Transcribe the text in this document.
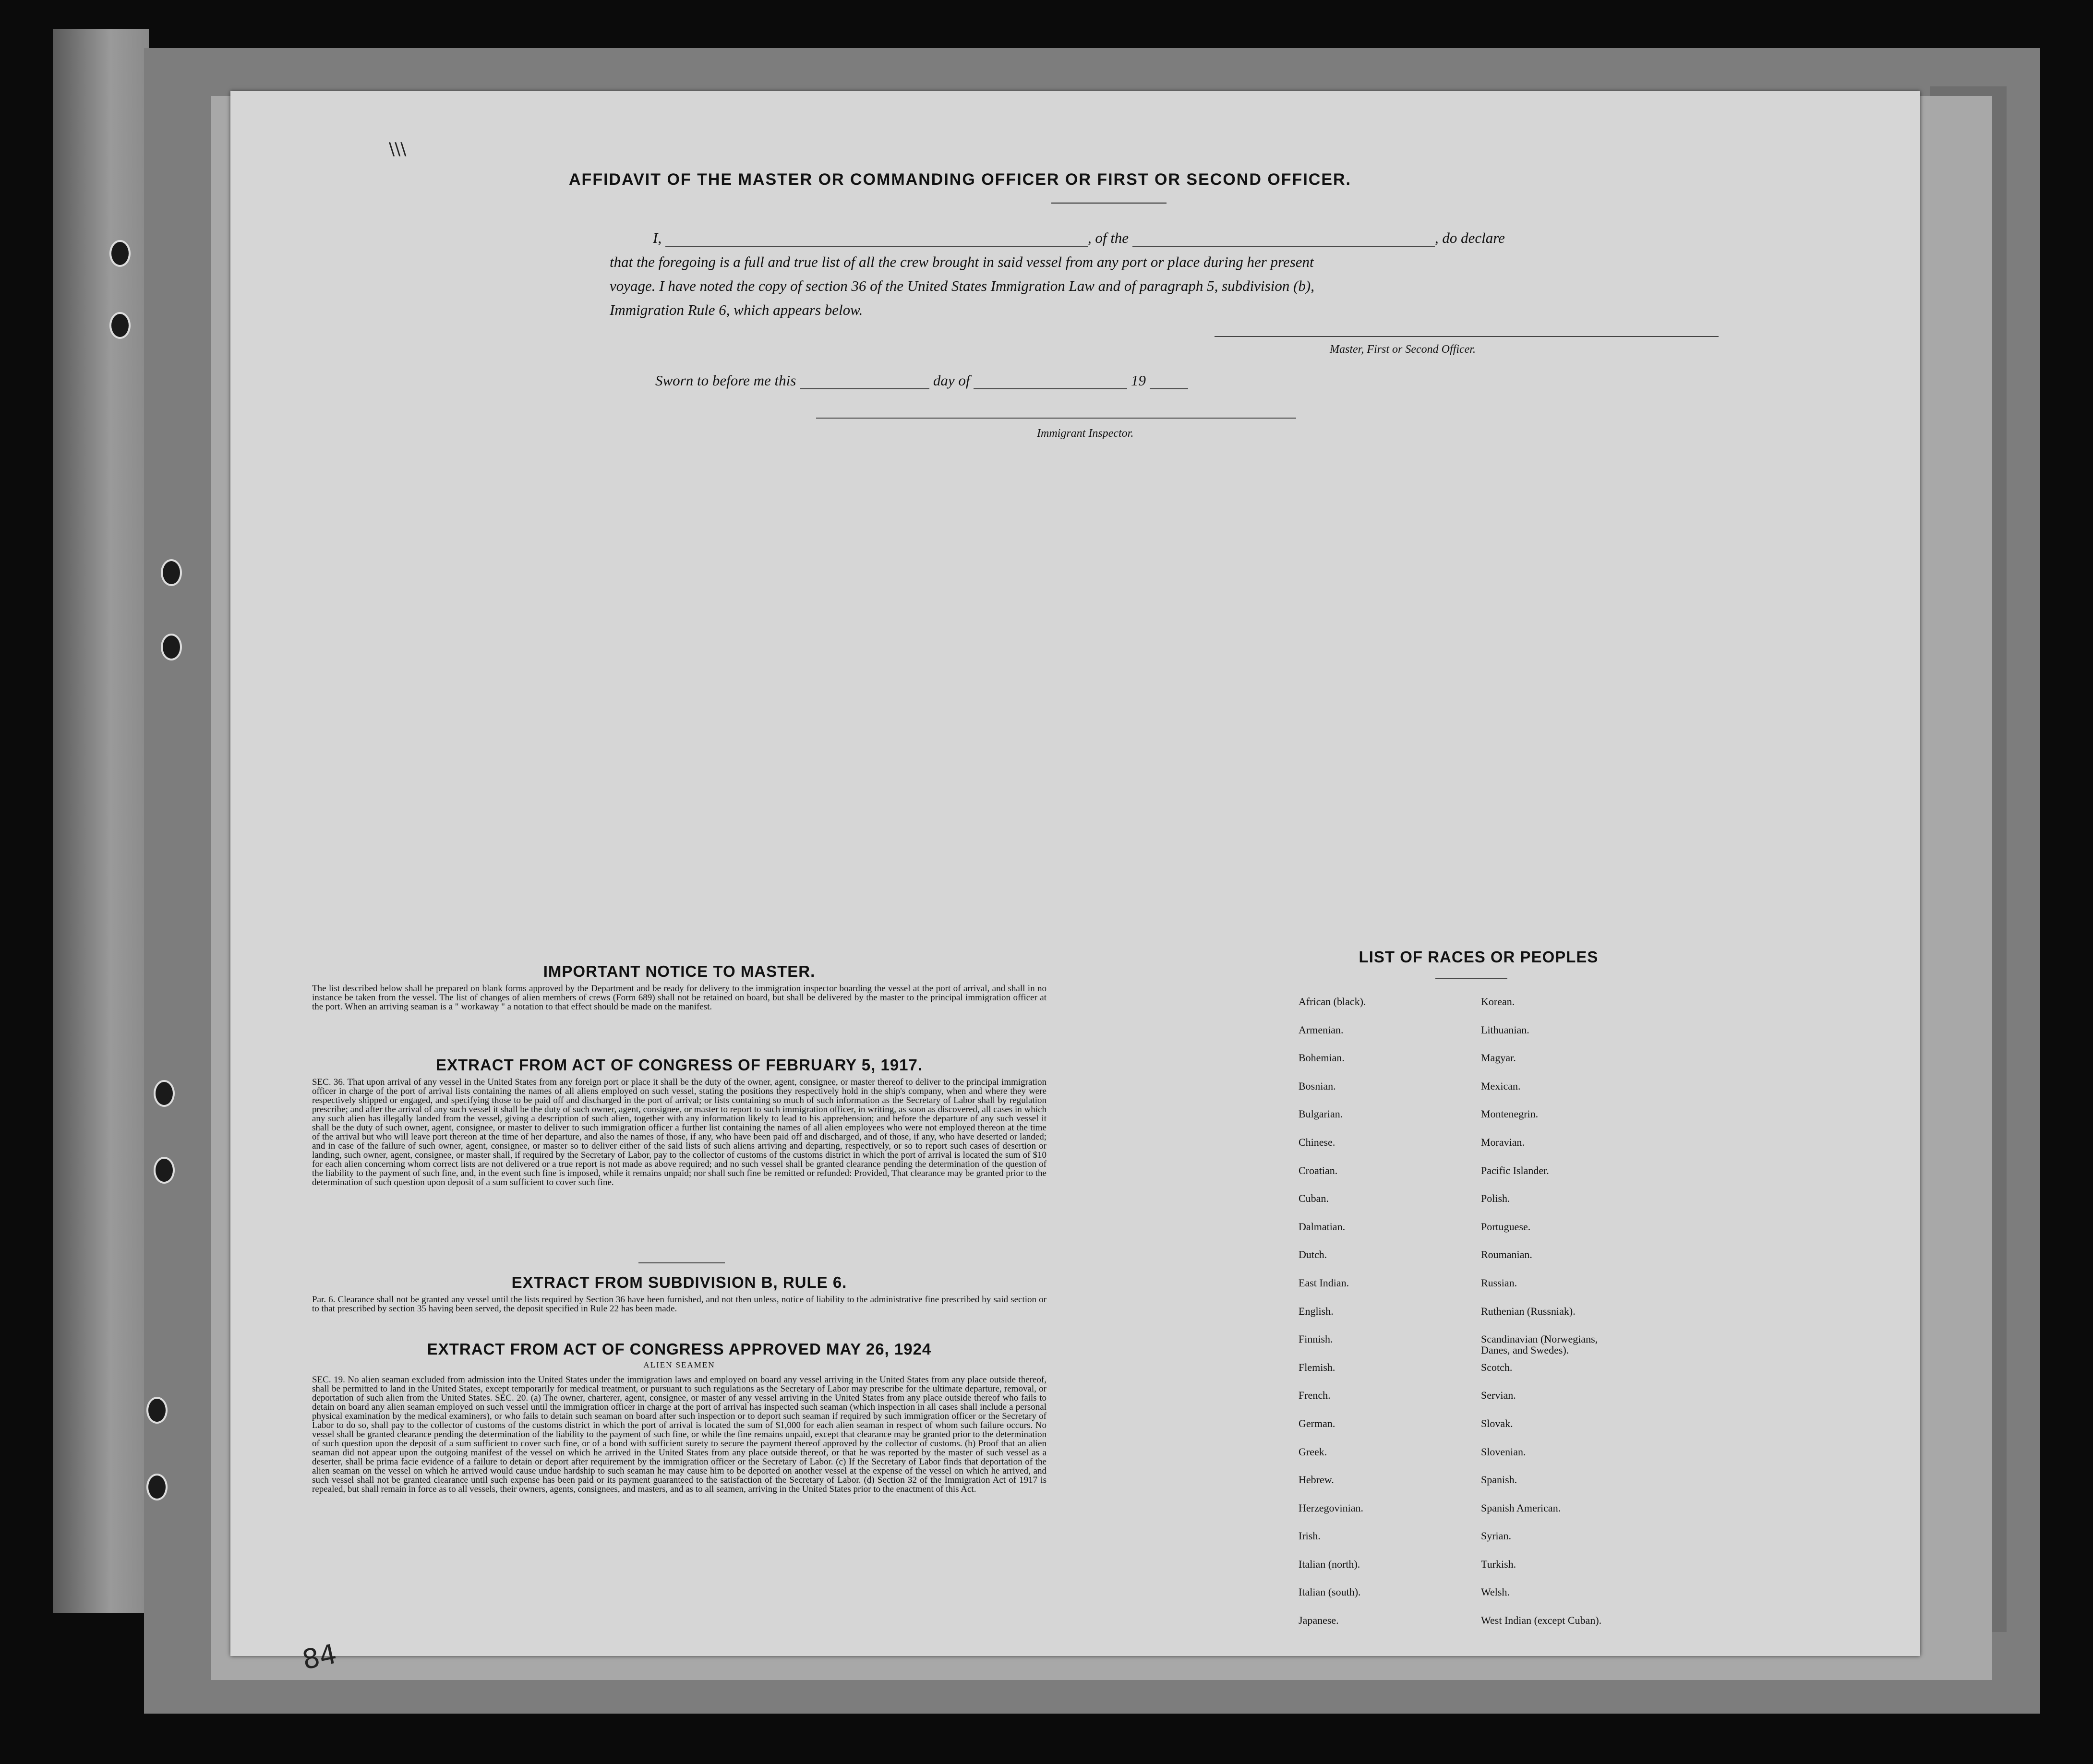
\\\
84
AFFIDAVIT OF THE MASTER OR COMMANDING OFFICER OR FIRST OR SECOND OFFICER.
I,	, of the	, do declare
that the foregoing is a full and true list of all the crew brought in said vessel from any port or place during her present
voyage. I have noted the copy of section 36 of the United States Immigration Law and of paragraph 5, subdivision (b),
Immigration Rule 6, which appears below.
Master, First or Second Officer.
Sworn to before me this	day of	19
Immigrant Inspector.
IMPORTANT NOTICE TO MASTER.
The list described below shall be prepared on blank forms approved by the Department and be ready for delivery to the immigration inspector boarding the vessel at the port of arrival, and shall in no instance be taken from the vessel. The list of changes of alien members of crews (Form 689) shall not be retained on board, but shall be delivered by the master to the principal immigration officer at the port. When an arriving seaman is a " workaway " a notation to that effect should be made on the manifest.
EXTRACT FROM ACT OF CONGRESS OF FEBRUARY 5, 1917.
SEC. 36. That upon arrival of any vessel in the United States from any foreign port or place it shall be the duty of the owner, agent, consignee, or master thereof to deliver to the principal immigration officer in charge of the port of arrival lists containing the names of all aliens employed on such vessel, stating the positions they respectively hold in the ship's company, when and where they were respectively shipped or engaged, and specifying those to be paid off and discharged in the port of arrival; or lists containing so much of such information as the Secretary of Labor shall by regulation prescribe; and after the arrival of any such vessel it shall be the duty of such owner, agent, consignee, or master to report to such immigration officer, in writing, as soon as discovered, all cases in which any such alien has illegally landed from the vessel, giving a description of such alien, together with any information likely to lead to his apprehension; and before the departure of any such vessel it shall be the duty of such owner, agent, consignee, or master to deliver to such immigration officer a further list containing the names of all alien employees who were not employed thereon at the time of the arrival but who will leave port thereon at the time of her departure, and also the names of those, if any, who have been paid off and discharged, and of those, if any, who have deserted or landed; and in case of the failure of such owner, agent, consignee, or master so to deliver either of the said lists of such aliens arriving and departing, respectively, or so to report such cases of desertion or landing, such owner, agent, consignee, or master shall, if required by the Secretary of Labor, pay to the collector of customs of the customs district in which the port of arrival is located the sum of $10 for each alien concerning whom correct lists are not delivered or a true report is not made as above required; and no such vessel shall be granted clearance pending the determination of the question of the liability to the payment of such fine, and, in the event such fine is imposed, while it remains unpaid; nor shall such fine be remitted or refunded: Provided, That clearance may be granted prior to the determination of such question upon deposit of a sum sufficient to cover such fine.
EXTRACT FROM SUBDIVISION B, RULE 6.
Par. 6. Clearance shall not be granted any vessel until the lists required by Section 36 have been furnished, and not then unless, notice of liability to the administrative fine prescribed by said section or to that prescribed by section 35 having been served, the deposit specified in Rule 22 has been made.
EXTRACT FROM ACT OF CONGRESS APPROVED MAY 26, 1924
ALIEN SEAMEN
SEC. 19. No alien seaman excluded from admission into the United States under the immigration laws and employed on board any vessel arriving in the United States from any place outside thereof, shall be permitted to land in the United States, except temporarily for medical treatment, or pursuant to such regulations as the Secretary of Labor may prescribe for the ultimate departure, removal, or deportation of such alien from the United States. SEC. 20. (a) The owner, charterer, agent, consignee, or master of any vessel arriving in the United States from any place outside thereof who fails to detain on board any alien seaman employed on such vessel until the immigration officer in charge at the port of arrival has inspected such seaman (which inspection in all cases shall include a personal physical examination by the medical examiners), or who fails to detain such seaman on board after such inspection or to deport such seaman if required by such immigration officer or the Secretary of Labor to do so, shall pay to the collector of customs of the customs district in which the port of arrival is located the sum of $1,000 for each alien seaman in respect of whom such failure occurs. No vessel shall be granted clearance pending the determination of the liability to the payment of such fine, or while the fine remains unpaid, except that clearance may be granted prior to the determination of such question upon the deposit of a sum sufficient to cover such fine, or of a bond with sufficient surety to secure the payment thereof approved by the collector of customs. (b) Proof that an alien seaman did not appear upon the outgoing manifest of the vessel on which he arrived in the United States from any place outside thereof, or that he was reported by the master of such vessel as a deserter, shall be prima facie evidence of a failure to detain or deport after requirement by the immigration officer or the Secretary of Labor. (c) If the Secretary of Labor finds that deportation of the alien seaman on the vessel on which he arrived would cause undue hardship to such seaman he may cause him to be deported on another vessel at the expense of the vessel on which he arrived, and such vessel shall not be granted clearance until such expense has been paid or its payment guaranteed to the satisfaction of the Secretary of Labor. (d) Section 32 of the Immigration Act of 1917 is repealed, but shall remain in force as to all vessels, their owners, agents, consignees, and masters, and as to all seamen, arriving in the United States prior to the enactment of this Act.
LIST OF RACES OR PEOPLES
African (black).
Armenian.
Bohemian.
Bosnian.
Bulgarian.
Chinese.
Croatian.
Cuban.
Dalmatian.
Dutch.
East Indian.
English.
Finnish.
Flemish.
French.
German.
Greek.
Hebrew.
Herzegovinian.
Irish.
Italian (north).
Italian (south).
Japanese.
Korean.
Lithuanian.
Magyar.
Mexican.
Montenegrin.
Moravian.
Pacific Islander.
Polish.
Portuguese.
Roumanian.
Russian.
Ruthenian (Russniak).
Scandinavian (Norwegians,
Danes, and Swedes).
Scotch.
Servian.
Slovak.
Slovenian.
Spanish.
Spanish American.
Syrian.
Turkish.
Welsh.
West Indian (except Cuban).
